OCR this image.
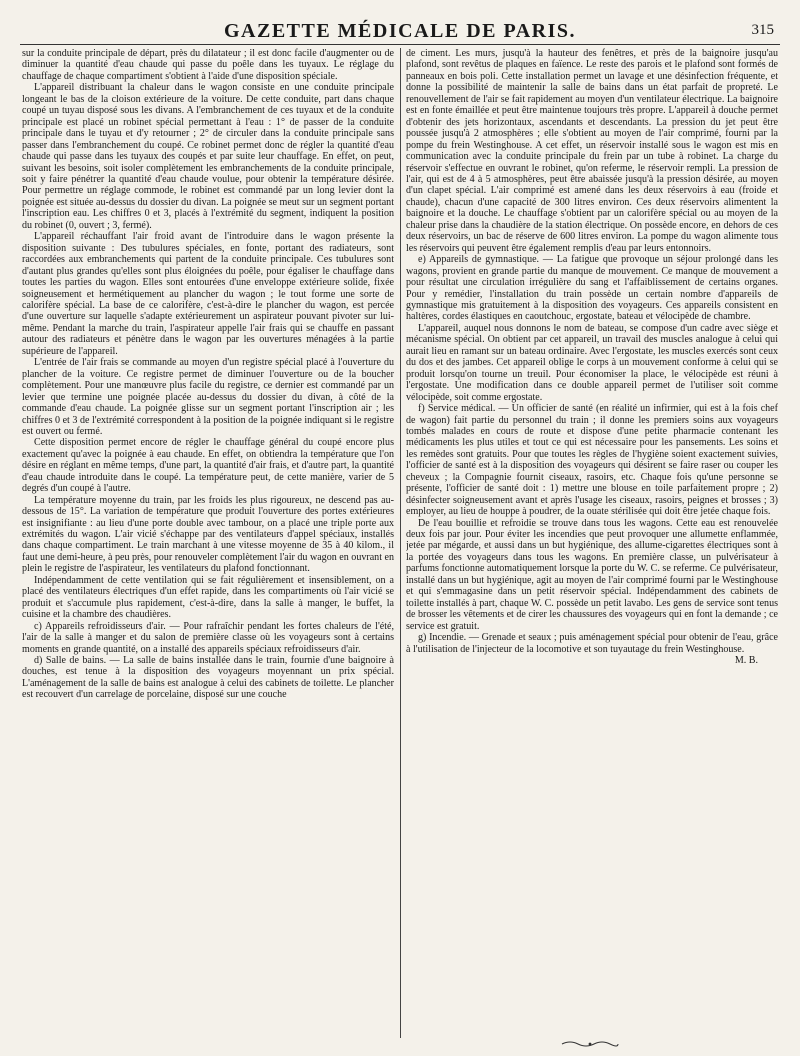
GAZETTE MÉDICALE DE PARIS.	315

sur la conduite principale de départ, près du dilatateur ; il est donc facile d'augmenter ou de diminuer la quantité d'eau chaude qui passe du poêle dans les tuyaux. Le réglage du chauffage de chaque compartiment s'obtient à l'aide d'une disposition spéciale.

L'appareil distribuant la chaleur dans le wagon consiste en une conduite principale longeant le bas de la cloison extérieure de la voiture. De cette conduite, part dans chaque coupé un tuyau disposé sous les divans. A l'embranchement de ces tuyaux et de la conduite principale est placé un robinet spécial permettant à l'eau : 1° de passer de la conduite principale dans le tuyau et d'y retourner ; 2° de circuler dans la conduite principale sans passer dans l'embranchement du coupé. Ce robinet permet donc de régler la quantité d'eau chaude qui passe dans les tuyaux des coupés et par suite leur chauffage. En effet, on peut, suivant les besoins, soit isoler complètement les embranchements de la conduite principale, soit y faire pénétrer la quantité d'eau chaude voulue, pour obtenir la température désirée. Pour permettre un réglage commode, le robinet est commandé par un long levier dont la poignée est située au-dessus du dossier du divan. La poignée se meut sur un segment portant l'inscription eau. Les chiffres 0 et 3, placés à l'extrémité du segment, indiquent la position du robinet (0, ouvert ; 3, fermé).

L'appareil réchauffant l'air froid avant de l'introduire dans le wagon présente la disposition suivante : Des tubulures spéciales, en fonte, portant des radiateurs, sont raccordées aux embranchements qui partent de la conduite principale. Ces tubulures sont d'autant plus grandes qu'elles sont plus éloignées du poêle, pour égaliser le chauffage dans toutes les parties du wagon. Elles sont entourées d'une enveloppe extérieure solide, fixée soigneusement et hermétiquement au plancher du wagon ; le tout forme une sorte de calorifère spécial. La base de ce calorifère, c'est-à-dire le plancher du wagon, est percée d'une ouverture sur laquelle s'adapte extérieurement un aspirateur pouvant pivoter sur lui-même. Pendant la marche du train, l'aspirateur appelle l'air frais qui se chauffe en passant autour des radiateurs et pénètre dans le wagon par les ouvertures ménagées à la partie supérieure de l'appareil.

L'entrée de l'air frais se commande au moyen d'un registre spécial placé à l'ouverture du plancher de la voiture. Ce registre permet de diminuer l'ouverture ou de la boucher complètement. Pour une manœuvre plus facile du registre, ce dernier est commandé par un levier que termine une poignée placée au-dessus du dossier du divan, à côté de la commande d'eau chaude. La poignée glisse sur un segment portant l'inscription air ; les chiffres 0 et 3 de l'extrémité correspondent à la position de la poignée indiquant si le registre est ouvert ou fermé.

Cette disposition permet encore de régler le chauffage général du coupé encore plus exactement qu'avec la poignée à eau chaude. En effet, on obtiendra la température que l'on désire en réglant en même temps, d'une part, la quantité d'air frais, et d'autre part, la quantité d'eau chaude introduite dans le coupé. La température peut, de cette manière, varier de 5 degrés d'un coupé à l'autre.

La température moyenne du train, par les froids les plus rigoureux, ne descend pas au-dessous de 15°. La variation de température que produit l'ouverture des portes extérieures est insignifiante : au lieu d'une porte double avec tambour, on a placé une triple porte aux extrémités du wagon. L'air vicié s'échappe par des ventilateurs d'appel spéciaux, installés dans chaque compartiment. Le train marchant à une vitesse moyenne de 35 à 40 kilom., il faut une demi-heure, à peu près, pour renouveler complètement l'air du wagon en ouvrant en plein le registre de l'aspirateur, les ventilateurs du plafond fonctionnant.

Indépendamment de cette ventilation qui se fait régulièrement et insensiblement, on a placé des ventilateurs électriques d'un effet rapide, dans les compartiments où l'air vicié se produit et s'accumule plus rapidement, c'est-à-dire, dans la salle à manger, le buffet, la cuisine et la chambre des chaudières.

c) Appareils refroidisseurs d'air. — Pour rafraîchir pendant les fortes chaleurs de l'été, l'air de la salle à manger et du salon de première classe où les voyageurs sont à certains moments en grande quantité, on a installé des appareils spéciaux refroidisseurs d'air.

d) Salle de bains. — La salle de bains installée dans le train, fournie d'une baignoire à douches, est tenue à la disposition des voyageurs moyennant un prix spécial. L'aménagement de la salle de bains est analogue à celui des cabinets de toilette. Le plancher est recouvert d'un carrelage de porcelaine, disposé sur une couche

de ciment. Les murs, jusqu'à la hauteur des fenêtres, et près de la baignoire jusqu'au plafond, sont revêtus de plaques en faïence. Le reste des parois et le plafond sont formés de panneaux en bois poli. Cette installation permet un lavage et une désinfection fréquente, et donne la possibilité de maintenir la salle de bains dans un état parfait de propreté. Le renouvellement de l'air se fait rapidement au moyen d'un ventilateur électrique. La baignoire est en fonte émaillée et peut être maintenue toujours très propre. L'appareil à douche permet d'obtenir des jets horizontaux, ascendants et descendants. La pression du jet peut être poussée jusqu'à 2 atmosphères ; elle s'obtient au moyen de l'air comprimé, fourni par la pompe du frein Westinghouse. A cet effet, un réservoir installé sous le wagon est mis en communication avec la conduite principale du frein par un tube à robinet. La charge du réservoir s'effectue en ouvrant le robinet, qu'on referme, le réservoir rempli. La pression de l'air, qui est de 4 à 5 atmosphères, peut être abaissée jusqu'à la pression désirée, au moyen d'un clapet spécial. L'air comprimé est amené dans les deux réservoirs à eau (froide et chaude), chacun d'une capacité de 300 litres environ. Ces deux réservoirs alimentent la baignoire et la douche. Le chauffage s'obtient par un calorifère spécial ou au moyen de la chaleur prise dans la chaudière de la station électrique. On possède encore, en dehors de ces deux réservoirs, un bac de réserve de 600 litres environ. La pompe du wagon alimente tous les réservoirs qui peuvent être également remplis d'eau par leurs entonnoirs.

e) Appareils de gymnastique. — La fatigue que provoque un séjour prolongé dans les wagons, provient en grande partie du manque de mouvement. Ce manque de mouvement a pour résultat une circulation irrégulière du sang et l'affaiblissement de certains organes. Pour y remédier, l'installation du train possède un certain nombre d'appareils de gymnastique mis gratuitement à la disposition des voyageurs. Ces appareils consistent en haltères, cordes élastiques en caoutchouc, ergostate, bateau et vélocipède de chambre.

L'appareil, auquel nous donnons le nom de bateau, se compose d'un cadre avec siège et mécanisme spécial. On obtient par cet appareil, un travail des muscles analogue à celui qui aurait lieu en ramant sur un bateau ordinaire. Avec l'ergostate, les muscles exercés sont ceux du dos et des jambes. Cet appareil oblige le corps à un mouvement conforme à celui qui se produit lorsqu'on tourne un treuil. Pour économiser la place, le vélocipède est réuni à l'ergostate. Une modification dans ce double appareil permet de l'utiliser soit comme vélocipède, soit comme ergostate.

f) Service médical. — Un officier de santé (en réalité un infirmier, qui est à la fois chef de wagon) fait partie du personnel du train ; il donne les premiers soins aux voyageurs tombés malades en cours de route et dispose d'une petite pharmacie contenant les médicaments les plus utiles et tout ce qui est nécessaire pour les pansements. Les soins et les remèdes sont gratuits. Pour que toutes les règles de l'hygiène soient exactement suivies, l'officier de santé est à la disposition des voyageurs qui désirent se faire raser ou couper les cheveux ; la Compagnie fournit ciseaux, rasoirs, etc. Chaque fois qu'une personne se présente, l'officier de santé doit : 1) mettre une blouse en toile parfaitement propre ; 2) désinfecter soigneusement avant et après l'usage les ciseaux, rasoirs, peignes et brosses ; 3) employer, au lieu de houppe à poudrer, de la ouate stérilisée qui doit être jetée chaque fois.

De l'eau bouillie et refroidie se trouve dans tous les wagons. Cette eau est renouvelée deux fois par jour. Pour éviter les incendies que peut provoquer une allumette enflammée, jetée par mégarde, et aussi dans un but hygiénique, des allume-cigarettes électriques sont à la portée des voyageurs dans tous les wagons. En première classe, un pulvérisateur à parfums fonctionne automatiquement lorsque la porte du W. C. se referme. Ce pulvérisateur, installé dans un but hygiénique, agit au moyen de l'air comprimé fourni par le Westinghouse et qui s'emmagasine dans un petit réservoir spécial. Indépendamment des cabinets de toilette installés à part, chaque W. C. possède un petit lavabo. Les gens de service sont tenus de brosser les vêtements et de cirer les chaussures des voyageurs qui en font la demande ; ce service est gratuit.

g) Incendie. — Grenade et seaux ; puis aménagement spécial pour obtenir de l'eau, grâce à l'utilisation de l'injecteur de la locomotive et son tuyautage du frein Westinghouse.
M. B.
